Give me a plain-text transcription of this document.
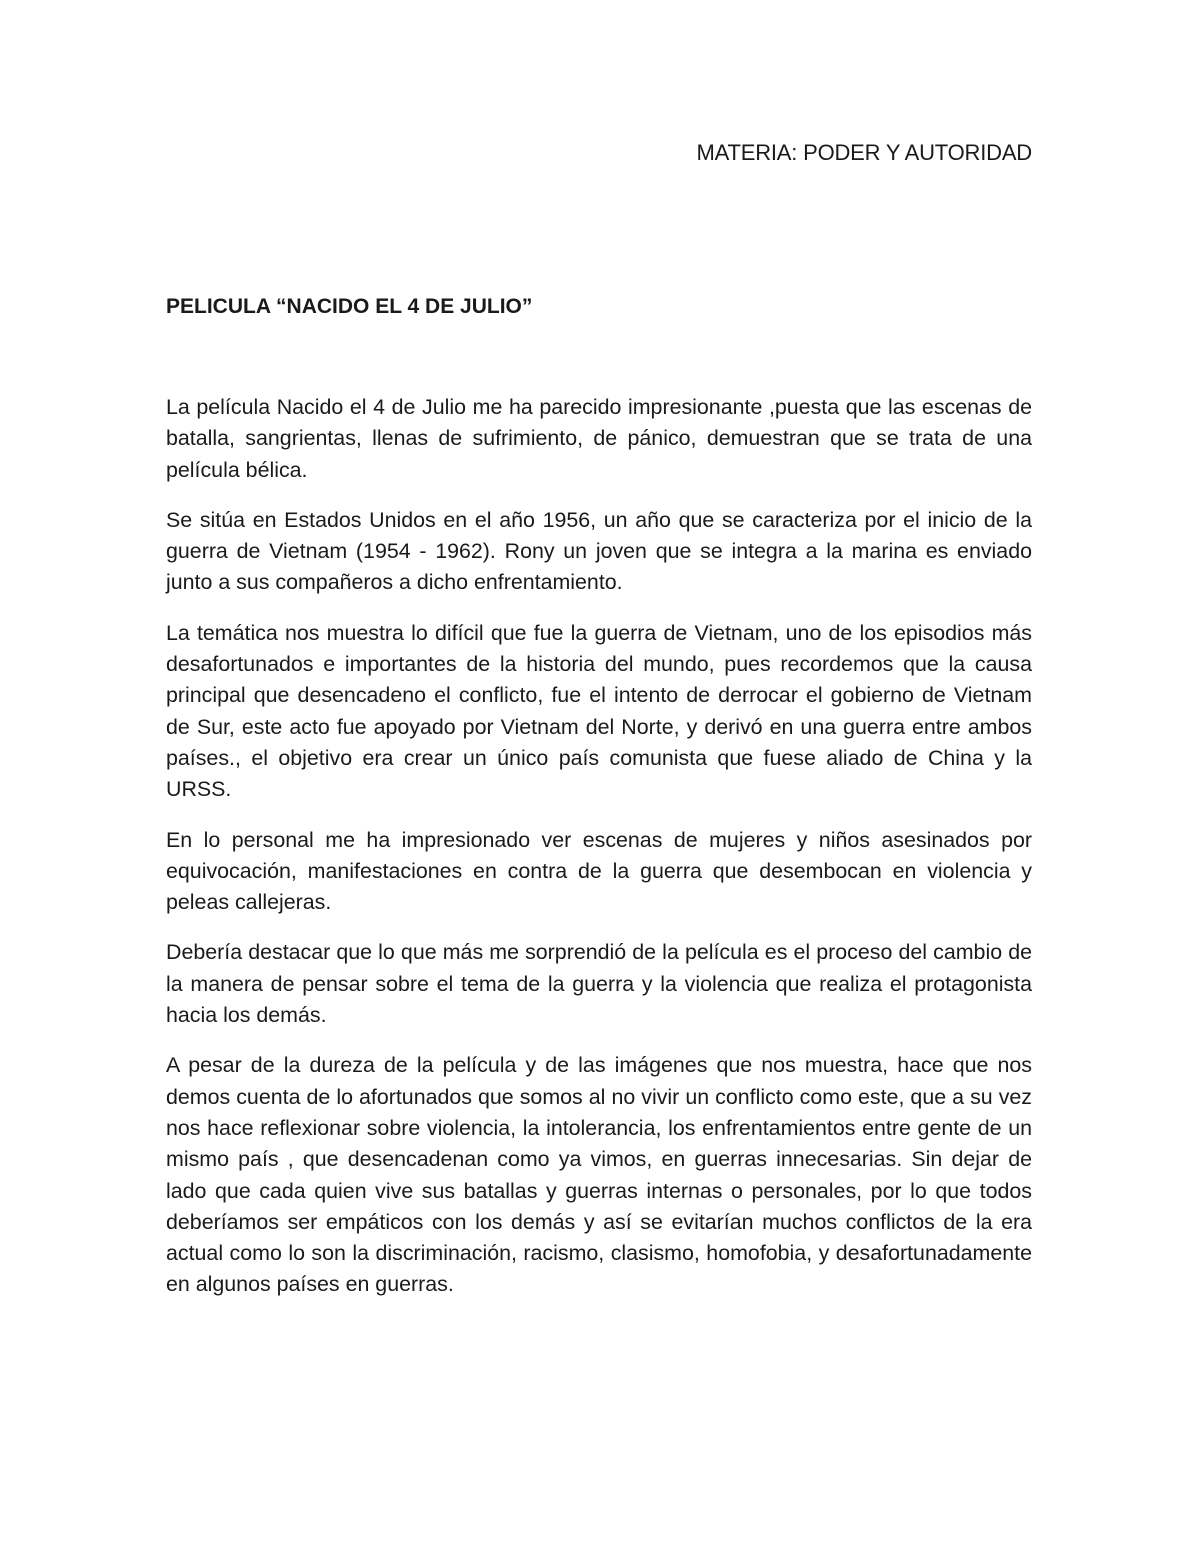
MATERIA: PODER Y AUTORIDAD
PELICULA “NACIDO EL 4 DE JULIO”

La película Nacido el 4 de Julio me ha parecido impresionante ,puesta que las escenas de batalla, sangrientas, llenas de sufrimiento, de pánico, demuestran que se trata de una película bélica.

Se sitúa en Estados Unidos en el año 1956, un año que se caracteriza por el inicio de la guerra de Vietnam (1954 - 1962). Rony un joven que se integra a la marina es enviado junto a sus compañeros a dicho enfrentamiento.

La temática nos muestra lo difícil que fue la guerra de Vietnam, uno de los episodios más desafortunados e importantes de la historia del mundo, pues recordemos que la causa principal que desencadeno el conflicto, fue el intento de derrocar el gobierno de Vietnam de Sur, este acto fue apoyado por Vietnam del Norte, y derivó en una guerra entre ambos países., el objetivo era crear un único país comunista que fuese aliado de China y la URSS.

En lo personal me ha impresionado ver escenas de mujeres y niños asesinados por equivocación, manifestaciones en contra de la guerra que desembocan en violencia y peleas callejeras.

Debería destacar que lo que más me sorprendió de la película es el proceso del cambio de la manera de pensar sobre el tema de la guerra y la violencia que realiza el protagonista hacia los demás.

A pesar de la dureza de la película y de las imágenes que nos muestra, hace que nos demos cuenta de lo afortunados que somos al no vivir un conflicto como este, que a su vez nos hace reflexionar sobre violencia, la intolerancia, los enfrentamientos entre gente de un mismo país , que desencadenan como ya vimos, en guerras innecesarias. Sin dejar de lado que cada quien vive sus batallas y guerras internas o personales, por lo que todos deberíamos ser empáticos con los demás y así se evitarían muchos conflictos de la era actual como lo son la discriminación, racismo, clasismo, homofobia, y desafortunadamente en algunos países en guerras.
